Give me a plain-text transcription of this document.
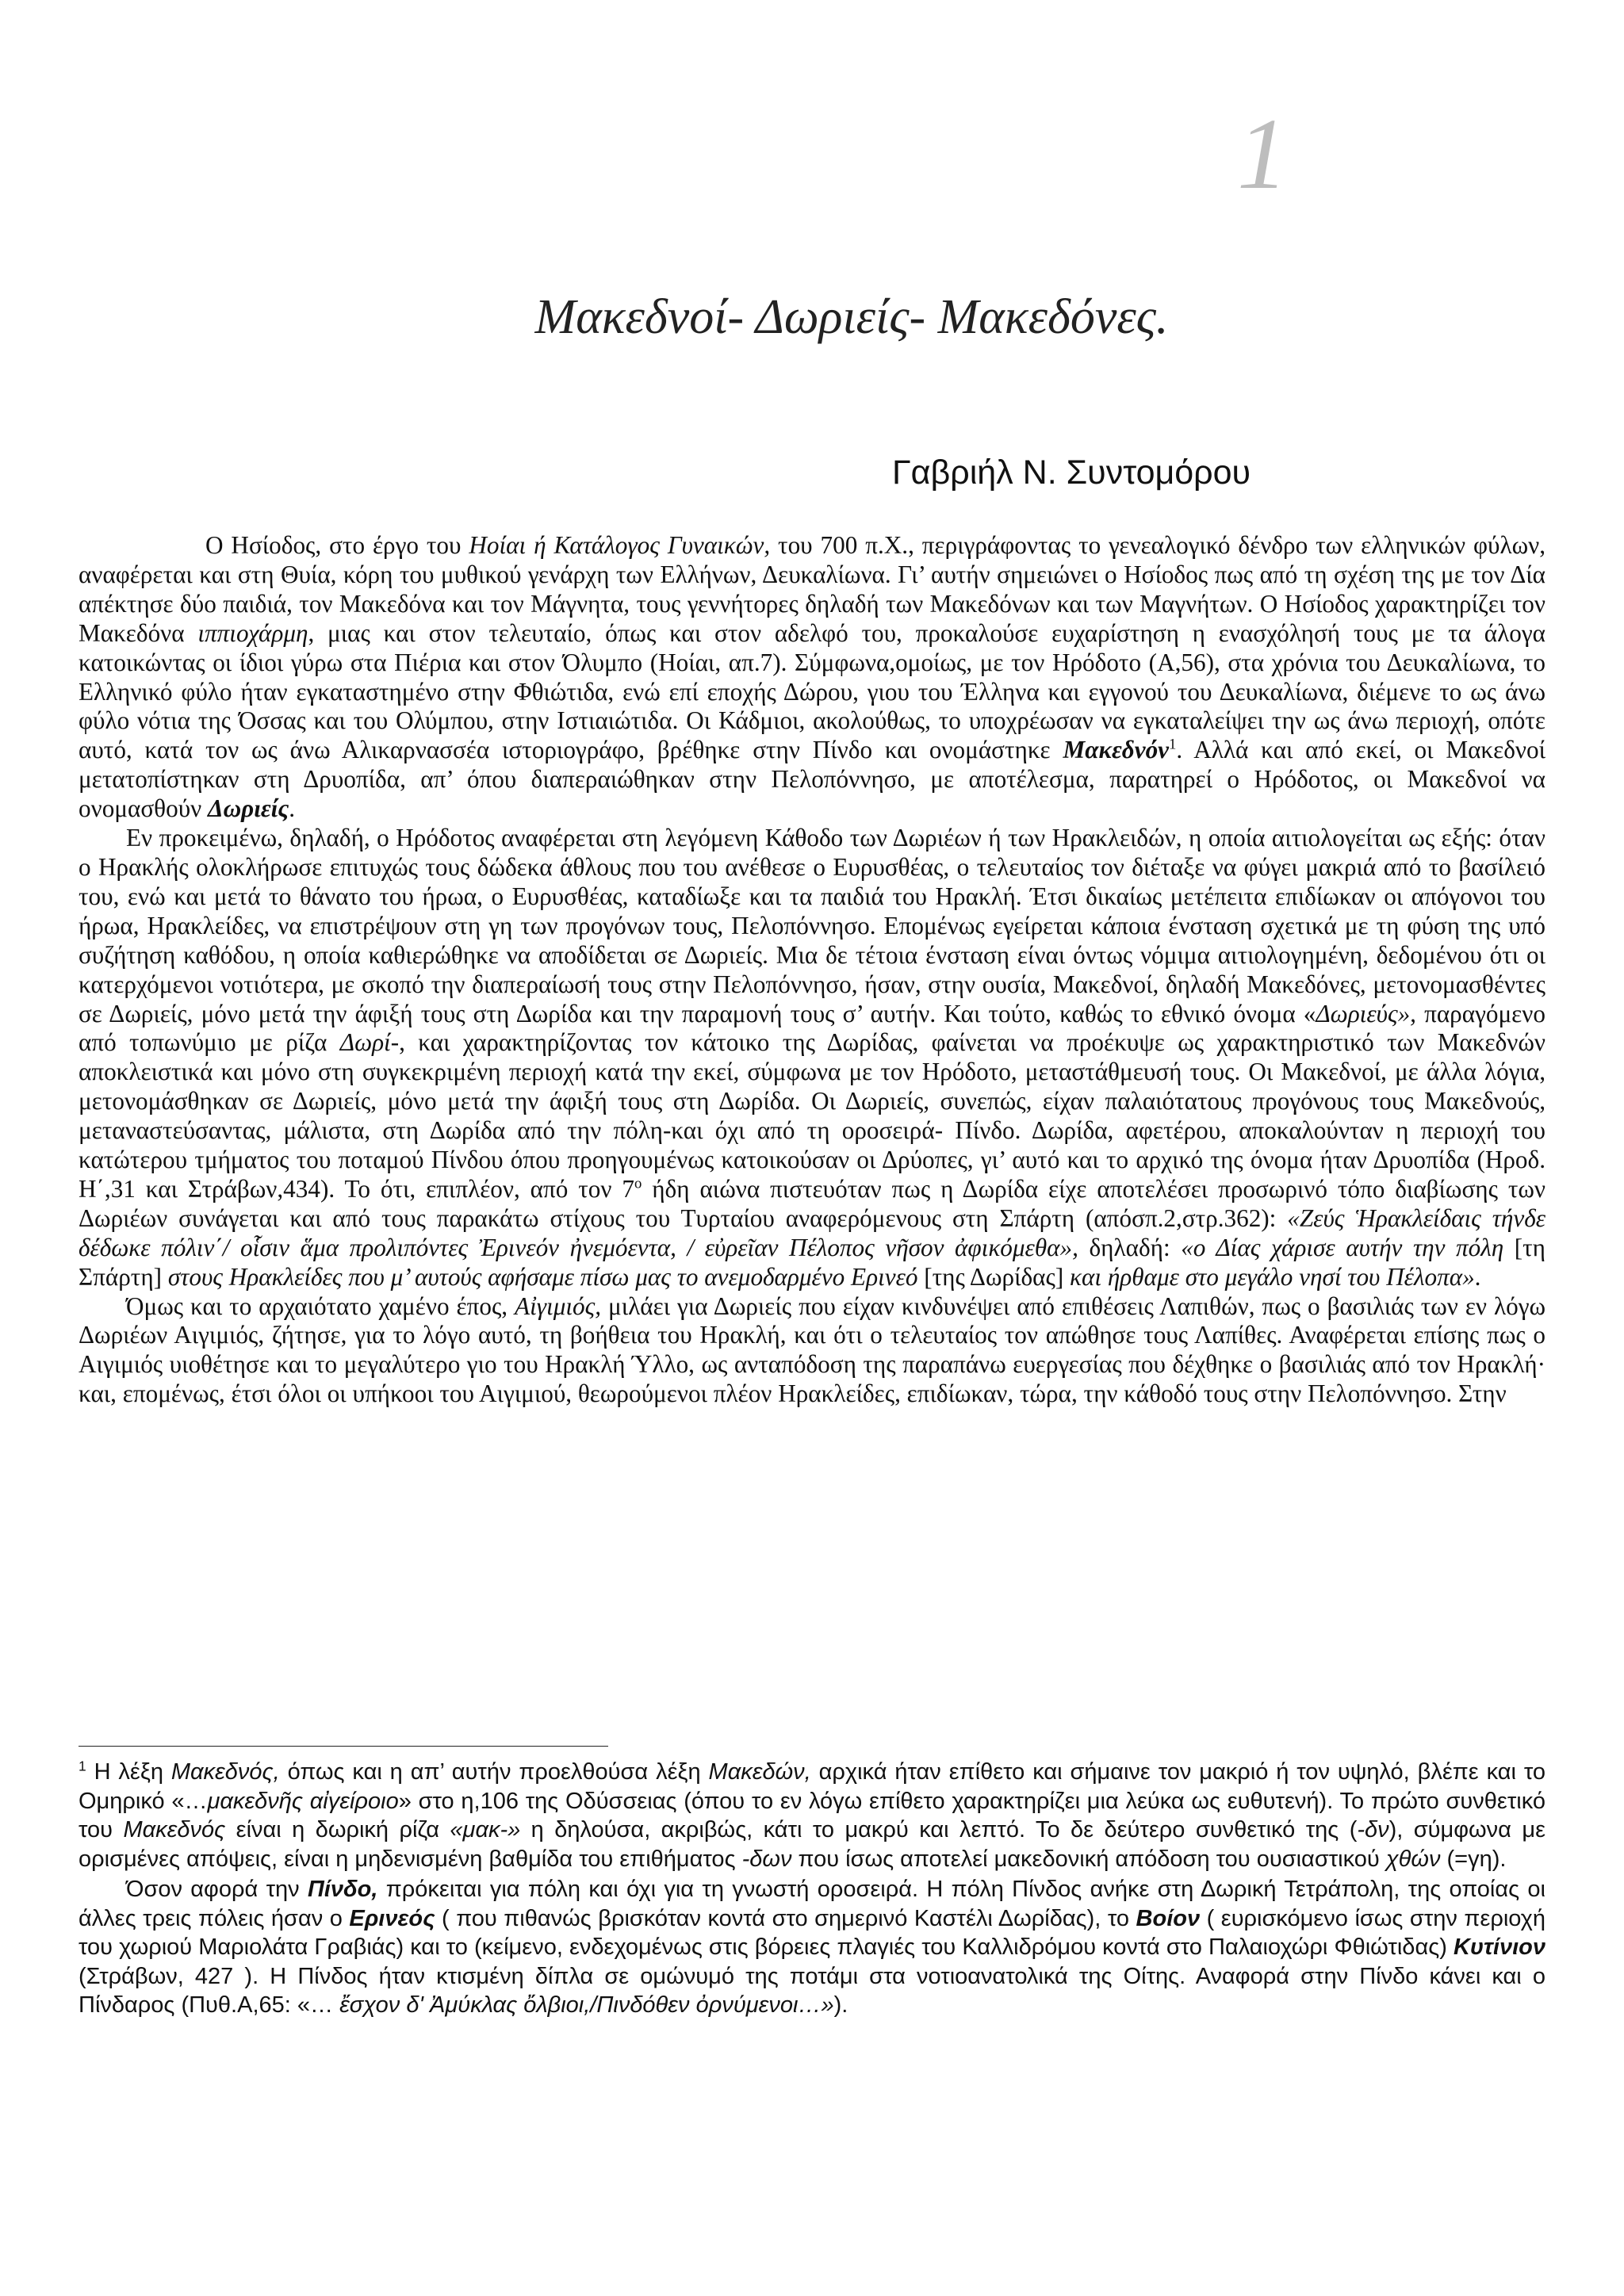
1
Μακεδνοί- Δωριείς- Μακεδόνες.
Γαβριήλ Ν. Συντομόρου

Ο Ησίοδος, στο έργο του Ηοίαι ή Κατάλογος Γυναικών, του 700 π.Χ., περιγράφοντας το γενεαλογικό δένδρο των ελληνικών φύλων, αναφέρεται και στη Θυία, κόρη του μυθικού γενάρχη των Ελλήνων, Δευκαλίωνα. Γι’ αυτήν σημειώνει ο Ησίοδος πως από τη σχέση της με τον Δία απέκτησε δύο παιδιά, τον Μακεδόνα και τον Μάγνητα, τους γεννήτορες δηλαδή των Μακεδόνων και των Μαγνήτων. Ο Ησίοδος χαρακτηρίζει τον Μακεδόνα ιππιοχάρμη, μιας και στον τελευταίο, όπως και στον αδελφό του, προκαλούσε ευχαρίστηση η ενασχόλησή τους με τα άλογα κατοικώντας οι ίδιοι γύρω στα Πιέρια και στον Όλυμπο (Ηοίαι, απ.7). Σύμφωνα,ομοίως, με τον Ηρόδοτο (Α,56), στα χρόνια του Δευκαλίωνα, το Ελληνικό φύλο ήταν εγκαταστημένο στην Φθιώτιδα, ενώ επί εποχής Δώρου, γιου του Έλληνα και εγγονού του Δευκαλίωνα, διέμενε το ως άνω φύλο νότια της Όσσας και του Ολύμπου, στην Ιστιαιώτιδα. Οι Κάδμιοι, ακολούθως, το υποχρέωσαν να εγκαταλείψει την ως άνω περιοχή, οπότε αυτό, κατά τον ως άνω Αλικαρνασσέα ιστοριογράφο, βρέθηκε στην Πίνδο και ονομάστηκε Μακεδνόν$^1$. Αλλά και από εκεί, οι Μακεδνοί μετατοπίστηκαν στη Δρυοπίδα, απ’ όπου διαπεραιώθηκαν στην Πελοπόννησο, με αποτέλεσμα, παρατηρεί ο Ηρόδοτος, οι Μακεδνοί να ονομασθούν Δωριείς.

Εν προκειμένω, δηλαδή, ο Ηρόδοτος αναφέρεται στη λεγόμενη Κάθοδο των Δωριέων ή των Ηρακλειδών, η οποία αιτιολογείται ως εξής: όταν ο Ηρακλής ολοκλήρωσε επιτυχώς τους δώδεκα άθλους που του ανέθεσε ο Ευρυσθέας, ο τελευταίος τον διέταξε να φύγει μακριά από το βασίλειό του, ενώ και μετά το θάνατο του ήρωα, ο Ευρυσθέας, καταδίωξε και τα παιδιά του Ηρακλή. Έτσι δικαίως μετέπειτα επιδίωκαν οι απόγονοι του ήρωα, Ηρακλείδες, να επιστρέψουν στη γη των προγόνων τους, Πελοπόννησο. Επομένως εγείρεται κάποια ένσταση σχετικά με τη φύση της υπό συζήτηση καθόδου, η οποία καθιερώθηκε να αποδίδεται σε Δωριείς. Μια δε τέτοια ένσταση είναι όντως νόμιμα αιτιολογημένη, δεδομένου ότι οι κατερχόμενοι νοτιότερα, με σκοπό την διαπεραίωσή τους στην Πελοπόννησο, ήσαν, στην ουσία, Μακεδνοί, δηλαδή Μακεδόνες, μετονομασθέντες σε Δωριείς, μόνο μετά την άφιξή τους στη Δωρίδα και την παραμονή τους σ’ αυτήν. Και τούτο, καθώς το εθνικό όνομα «Δωριεύς», παραγόμενο από τοπωνύμιο με ρίζα Δωρί-, και χαρακτηρίζοντας τον κάτοικο της Δωρίδας, φαίνεται να προέκυψε ως χαρακτηριστικό των Μακεδνών αποκλειστικά και μόνο στη συγκεκριμένη περιοχή κατά την εκεί, σύμφωνα με τον Ηρόδοτο, μεταστάθμευσή τους. Οι Μακεδνοί, με άλλα λόγια, μετονομάσθηκαν σε Δωριείς, μόνο μετά την άφιξή τους στη Δωρίδα. Οι Δωριείς, συνεπώς, είχαν παλαιότατους προγόνους τους Μακεδνούς, μεταναστεύσαντας, μάλιστα, στη Δωρίδα από την πόλη-και όχι από τη οροσειρά- Πίνδο. Δωρίδα, αφετέρου, αποκαλούνταν η περιοχή του κατώτερου τμήματος του ποταμού Πίνδου όπου προηγουμένως κατοικούσαν οι Δρύοπες, γι’ αυτό και το αρχικό της όνομα ήταν Δρυοπίδα (Ηροδ. Η΄,31 και Στράβων,434). Το ότι, επιπλέον, από τον $7^o$ ήδη αιώνα πιστευόταν πως η Δωρίδα είχε αποτελέσει προσωρινό τόπο διαβίωσης των Δωριέων συνάγεται και από τους παρακάτω στίχους του Τυρταίου αναφερόμενους στη Σπάρτη (απόσπ.2,στρ.362): «Ζεύς Ἡρακλείδαις τήνδε δέδωκε πόλιν΄/ οἷσιν ἅμα προλιπόντες Ἐρινεόν ἠνεμόεντα, / εὐρεῖαν Πέλοπος νῆσον ἀφικόμεθα», δηλαδή: «ο Δίας χάρισε αυτήν την πόλη [τη Σπάρτη] στους Ηρακλείδες που μ’ αυτούς αφήσαμε πίσω μας το ανεμοδαρμένο Ερινεό [της Δωρίδας] και ήρθαμε στο μεγάλο νησί του Πέλοπα».

Όμως και το αρχαιότατο χαμένο έπος, Αἰγιμιός, μιλάει για Δωριείς που είχαν κινδυνέψει από επιθέσεις Λαπιθών, πως ο βασιλιάς των εν λόγω Δωριέων Αιγιμιός, ζήτησε, για το λόγο αυτό, τη βοήθεια του Ηρακλή, και ότι ο τελευταίος τον απώθησε τους Λαπίθες. Αναφέρεται επίσης πως ο Αιγιμιός υιοθέτησε και το μεγαλύτερο γιο του Ηρακλή Ύλλο, ως ανταπόδοση της παραπάνω ευεργεσίας που δέχθηκε ο βασιλιάς από τον Ηρακλή· και, επομένως, έτσι όλοι οι υπήκοοι του Αιγιμιού, θεωρούμενοι πλέον Ηρακλείδες, επιδίωκαν, τώρα, την κάθοδό τους στην Πελοπόννησο. Στην

$^1$ Η λέξη Μακεδνός, όπως και η απ’ αυτήν προελθούσα λέξη Μακεδών, αρχικά ήταν επίθετο και σήμαινε τον μακριό ή τον υψηλό, βλέπε και το Ομηρικό «…μακεδνῆς αἰγείροιο» στο η,106 της Οδύσσειας (όπου το εν λόγω επίθετο χαρακτηρίζει μια λεύκα ως ευθυτενή). Το πρώτο συνθετικό του Μακεδνός είναι η δωρική ρίζα «μακ-» η δηλούσα, ακριβώς, κάτι το μακρύ και λεπτό. Το δε δεύτερο συνθετικό της (-δν), σύμφωνα με ορισμένες απόψεις, είναι η μηδενισμένη βαθμίδα του επιθήματος -δων που ίσως αποτελεί μακεδονική απόδοση του ουσιαστικού χθών (=γη).

Όσον αφορά την Πίνδο, πρόκειται για πόλη και όχι για τη γνωστή οροσειρά. Η πόλη Πίνδος ανήκε στη Δωρική Τετράπολη, της οποίας οι άλλες τρεις πόλεις ήσαν ο Ερινεός ( που πιθανώς βρισκόταν κοντά στο σημερινό Καστέλι Δωρίδας), το Βοίον ( ευρισκόμενο ίσως στην περιοχή του χωριού Μαριολάτα Γραβιάς) και το (κείμενο, ενδεχομένως στις βόρειες πλαγιές του Καλλιδρόμου κοντά στο Παλαιοχώρι Φθιώτιδας) Κυτίνιον (Στράβων, 427 ). Η Πίνδος ήταν κτισμένη δίπλα σε ομώνυμό της ποτάμι στα νοτιοανατολικά της Οίτης. Αναφορά στην Πίνδο κάνει και ο Πίνδαρος (Πυθ.Α,65: «… ἔσχον δ' Ἀμύκλας ὄλβιοι,/Πινδόθεν ὀρνύμενοι…»).
